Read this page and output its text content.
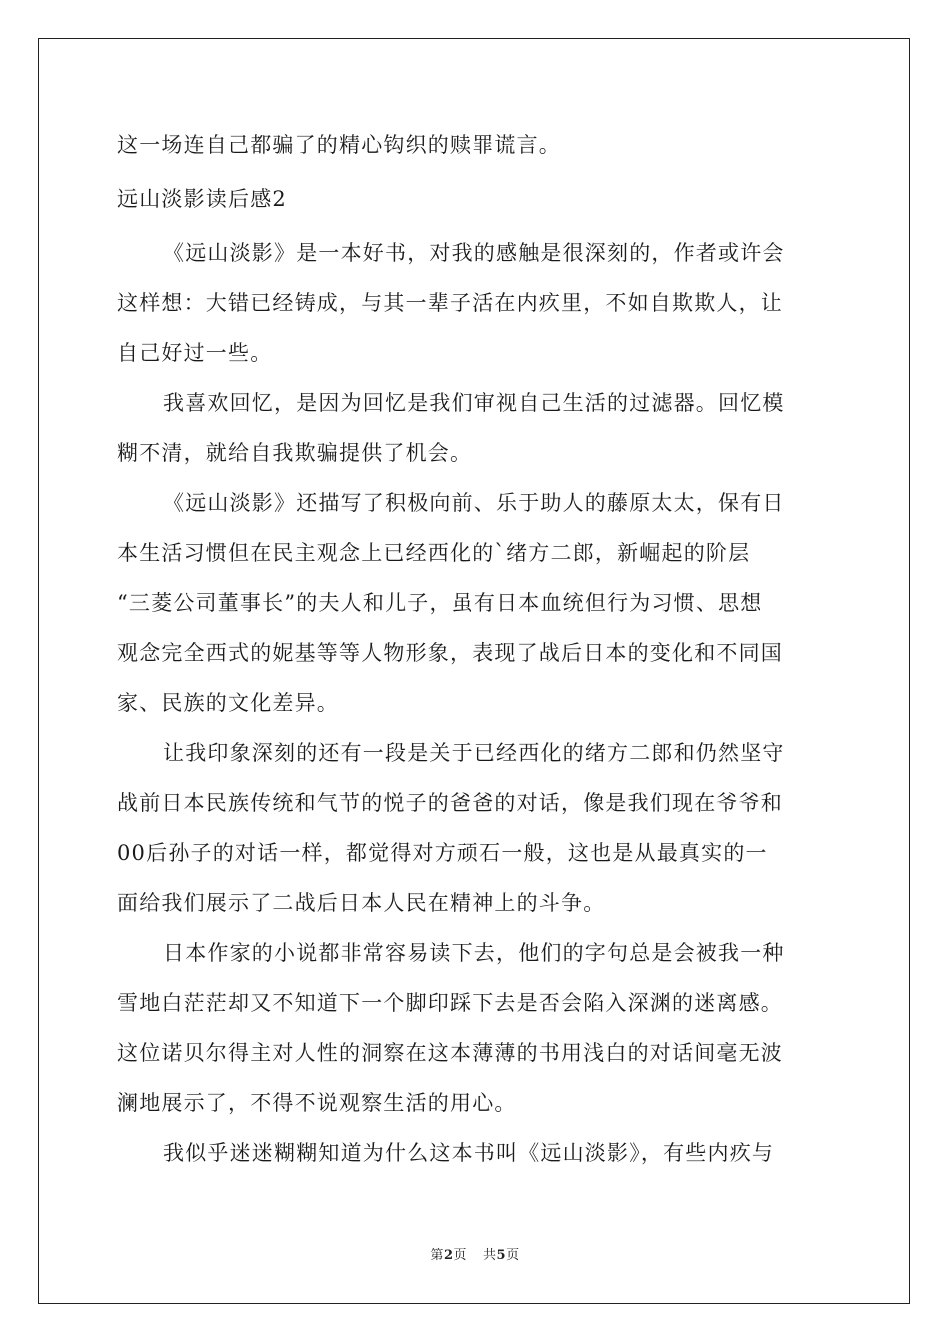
这一场连自己都骗了的精心钩织的赎罪谎言。

远山淡影读后感2

《远山淡影》是一本好书，对我的感触是很深刻的，作者或许会

这样想：大错已经铸成，与其一辈子活在内疚里，不如自欺欺人，让

自己好过一些。

我喜欢回忆，是因为回忆是我们审视自己生活的过滤器。回忆模

糊不清，就给自我欺骗提供了机会。

《远山淡影》还描写了积极向前、乐于助人的藤原太太，保有日

本生活习惯但在民主观念上已经西化的`绪方二郎，新崛起的阶层

“三菱公司董事长”的夫人和儿子，虽有日本血统但行为习惯、思想

观念完全西式的妮基等等人物形象，表现了战后日本的变化和不同国

家、民族的文化差异。

让我印象深刻的还有一段是关于已经西化的绪方二郎和仍然坚守

战前日本民族传统和气节的悦子的爸爸的对话，像是我们现在爷爷和

00后孙子的对话一样，都觉得对方顽石一般，这也是从最真实的一

面给我们展示了二战后日本人民在精神上的斗争。

日本作家的小说都非常容易读下去，他们的字句总是会被我一种

雪地白茫茫却又不知道下一个脚印踩下去是否会陷入深渊的迷离感。

这位诺贝尔得主对人性的洞察在这本薄薄的书用浅白的对话间毫无波

澜地展示了，不得不说观察生活的用心。

我似乎迷迷糊糊知道为什么这本书叫《远山淡影》，有些内疚与

第2页 共5页
